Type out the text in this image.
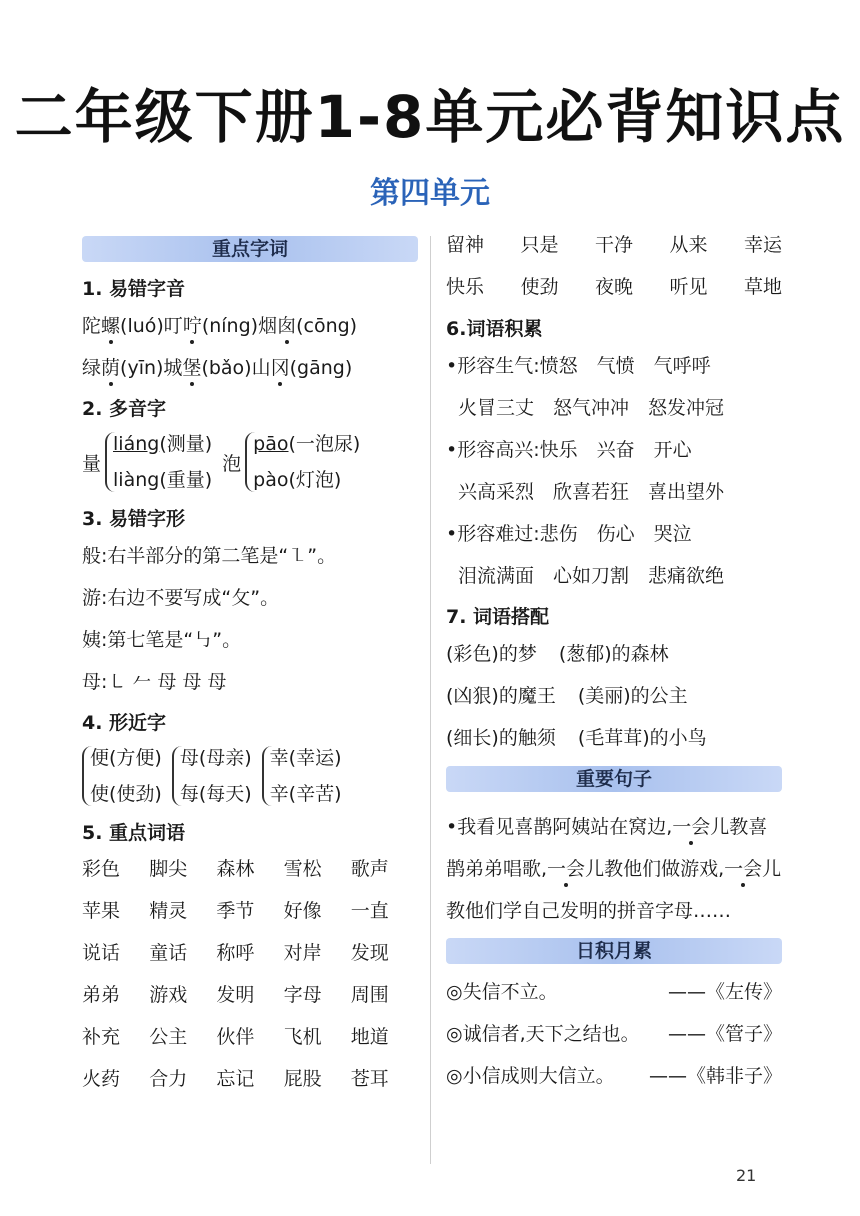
二年级下册1-8单元必背知识点
第四单元
重点字词
1. 易错字音
陀螺(luó)叮咛(níng)烟囱(cōng)
绿荫(yīn)城堡(bǎo)山冈(gāng)
2. 多音字
量
liáng(测量)
liàng(重量)
泡
pāo(一泡尿)
pào(灯泡)
3. 易错字形
般:右半部分的第二笔是“㇅”。
游:右边不要写成“攵”。
姨:第七笔是“㇉”。
母:㇄ 𠂉 母 母 母
4. 形近字
便(方便)
使(使劲)
母(母亲)
每(每天)
幸(幸运)
辛(辛苦)
5. 重点词语
彩色	脚尖	森林	雪松	歌声
苹果	精灵	季节	好像	一直
说话	童话	称呼	对岸	发现
弟弟	游戏	发明	字母	周围
补充	公主	伙伴	飞机	地道
火药	合力	忘记	屁股	苍耳
留神 只是 干净 从来 幸运
快乐 使劲 夜晚 听见 草地
6.词语积累
•形容生气:愤怒　气愤　气呼呼
火冒三丈　怒气冲冲　怒发冲冠
•形容高兴:快乐　兴奋　开心
兴高采烈　欣喜若狂　喜出望外
•形容难过:悲伤　伤心　哭泣
泪流满面　心如刀割　悲痛欲绝
7. 词语搭配
(彩色)的梦 (葱郁)的森林
(凶狠)的魔王 (美丽)的公主
(细长)的触须 (毛茸茸)的小鸟
重要句子
•我看见喜鹊阿姨站在窝边,一会儿教喜鹊弟弟唱歌,一会儿教他们做游戏,一会儿教他们学自己发明的拼音字母……
日积月累
◎失信不立。	——《左传》
◎诚信者,天下之结也。 ——《管子》
◎小信成则大信立。 ——《韩非子》
21
